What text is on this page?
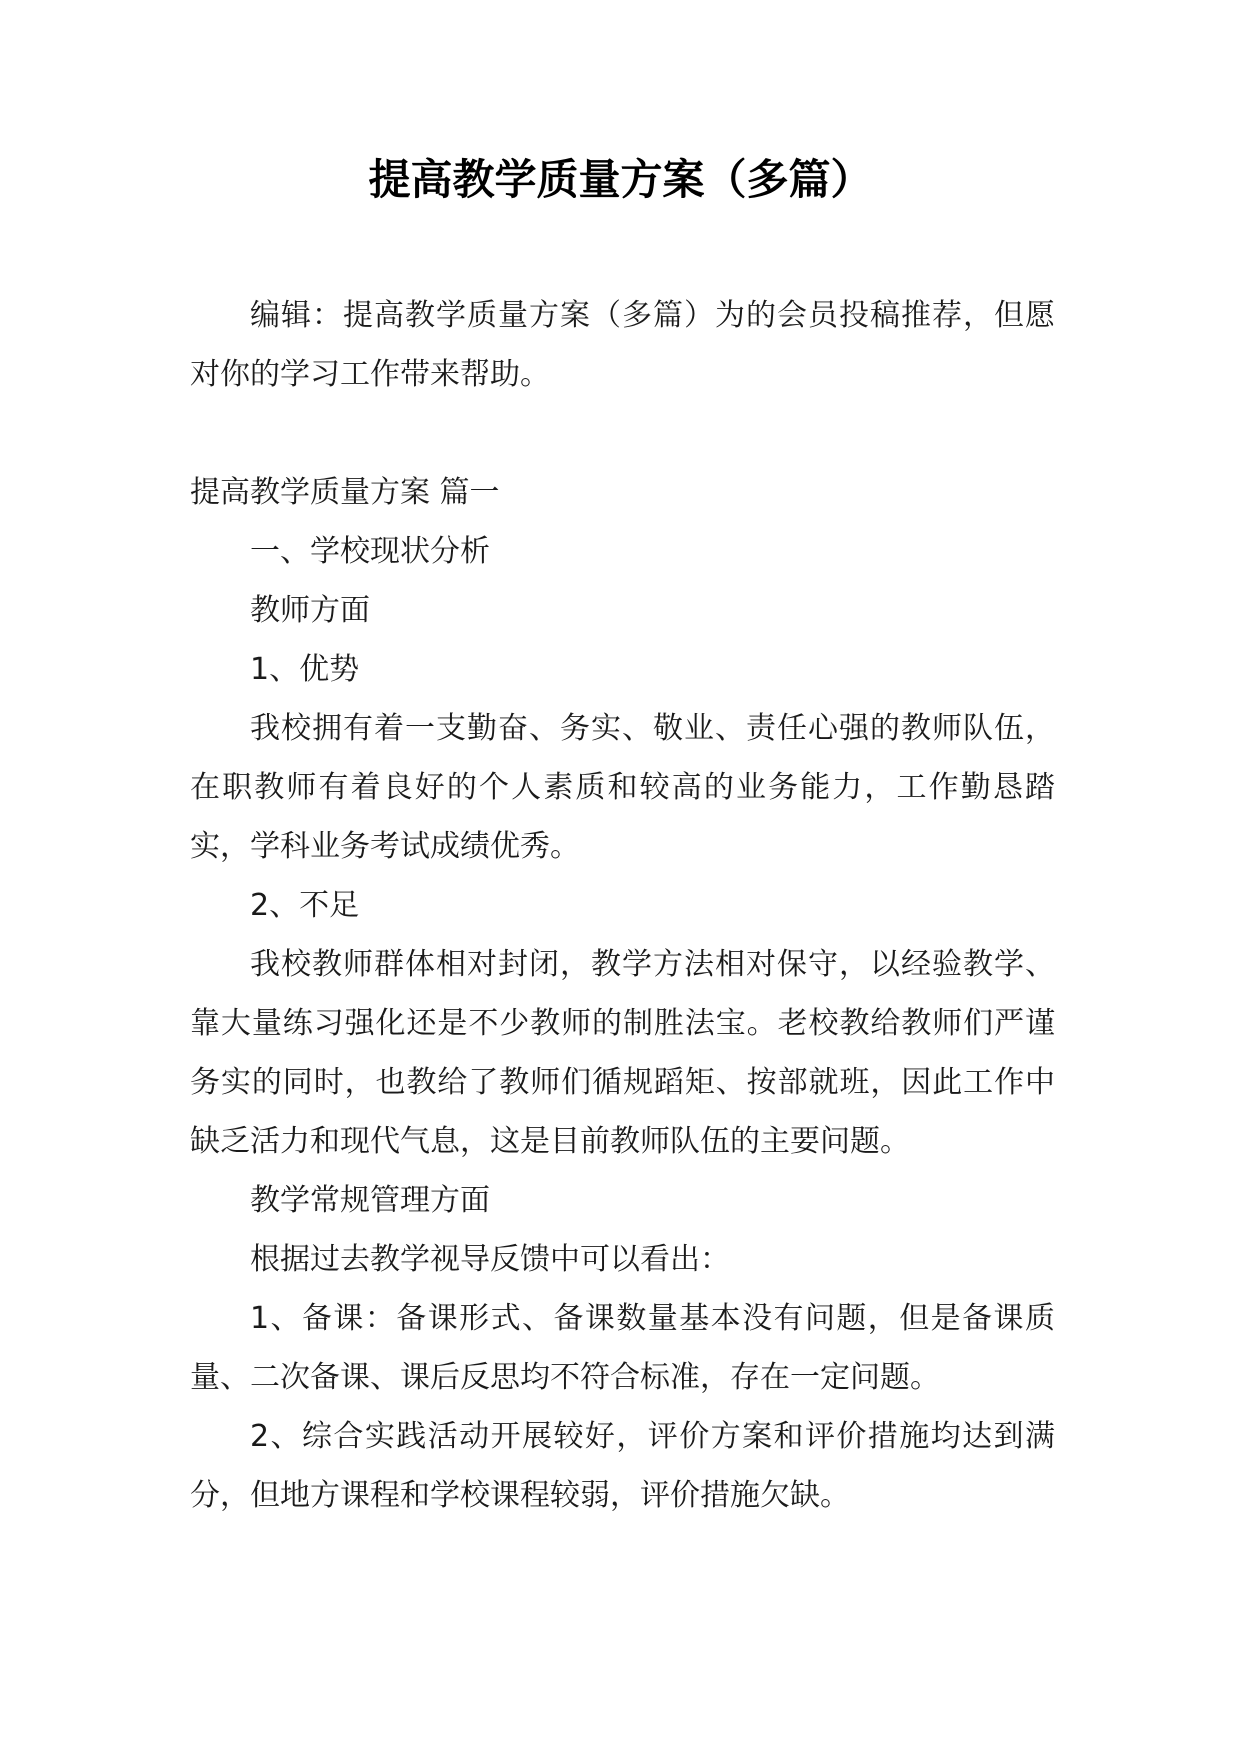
提高教学质量方案（多篇）

编辑：提高教学质量方案（多篇）为的会员投稿推荐，但愿对你的学习工作带来帮助。

提高教学质量方案 篇一

一、学校现状分析

教师方面

1、优势

我校拥有着一支勤奋、务实、敬业、责任心强的教师队伍，在职教师有着良好的个人素质和较高的业务能力，工作勤恳踏实，学科业务考试成绩优秀。

2、不足

我校教师群体相对封闭，教学方法相对保守，以经验教学、靠大量练习强化还是不少教师的制胜法宝。老校教给教师们严谨务实的同时，也教给了教师们循规蹈矩、按部就班，因此工作中缺乏活力和现代气息，这是目前教师队伍的主要问题。

教学常规管理方面

根据过去教学视导反馈中可以看出：

1、备课：备课形式、备课数量基本没有问题，但是备课质量、二次备课、课后反思均不符合标准，存在一定问题。

2、综合实践活动开展较好，评价方案和评价措施均达到满分，但地方课程和学校课程较弱，评价措施欠缺。
